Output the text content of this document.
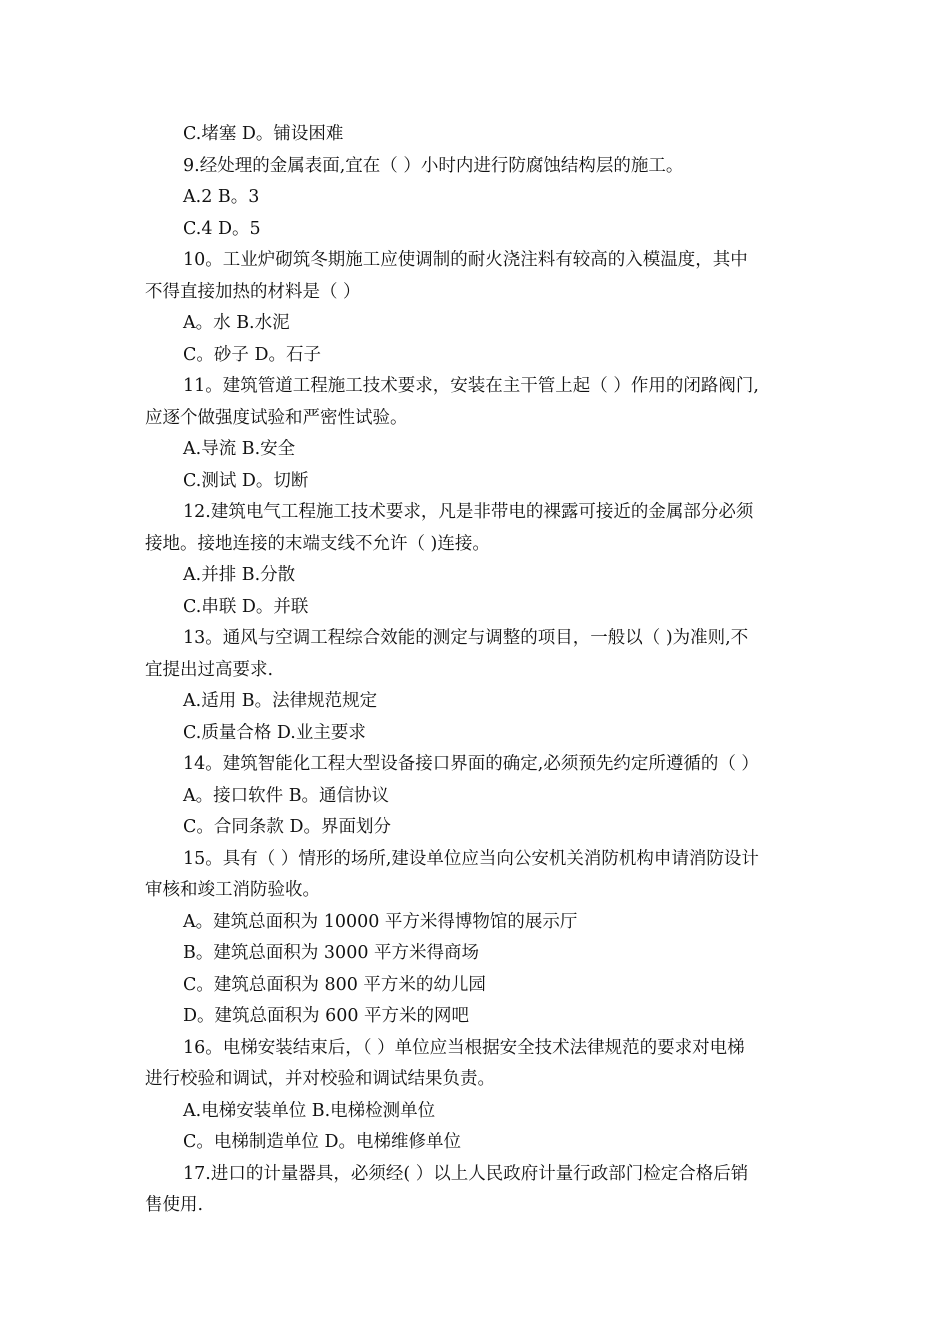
C.堵塞 D。铺设困难

9.经处理的金属表面,宜在（ ）小时内进行防腐蚀结构层的施工。

A.2 B。3

C.4 D。5

10。工业炉砌筑冬期施工应使调制的耐火浇注料有较高的入模温度，其中

不得直接加热的材料是（ ）

A。水 B.水泥

C。砂子 D。石子

11。建筑管道工程施工技术要求，安装在主干管上起（ ）作用的闭路阀门,

应逐个做强度试验和严密性试验。

A.导流 B.安全

C.测试 D。切断

12.建筑电气工程施工技术要求，凡是非带电的裸露可接近的金属部分必须

接地。接地连接的末端支线不允许（ )连接。

A.并排 B.分散

C.串联 D。并联

13。通风与空调工程综合效能的测定与调整的项目，一般以（ )为准则,不

宜提出过高要求.

A.适用 B。法律规范规定

C.质量合格 D.业主要求

14。建筑智能化工程大型设备接口界面的确定,必须预先约定所遵循的（ ）

A。接口软件 B。通信协议

C。合同条款 D。界面划分

15。具有（ ）情形的场所,建设单位应当向公安机关消防机构申请消防设计

审核和竣工消防验收。

A。建筑总面积为 10000 平方米得博物馆的展示厅

B。建筑总面积为 3000 平方米得商场

C。建筑总面积为 800 平方米的幼儿园

D。建筑总面积为 600 平方米的网吧

16。电梯安装结束后，（ ）单位应当根据安全技术法律规范的要求对电梯

进行校验和调试，并对校验和调试结果负责。

A.电梯安装单位 B.电梯检测单位

C。电梯制造单位 D。电梯维修单位

17.进口的计量器具，必须经( ）以上人民政府计量行政部门检定合格后销

售使用.
